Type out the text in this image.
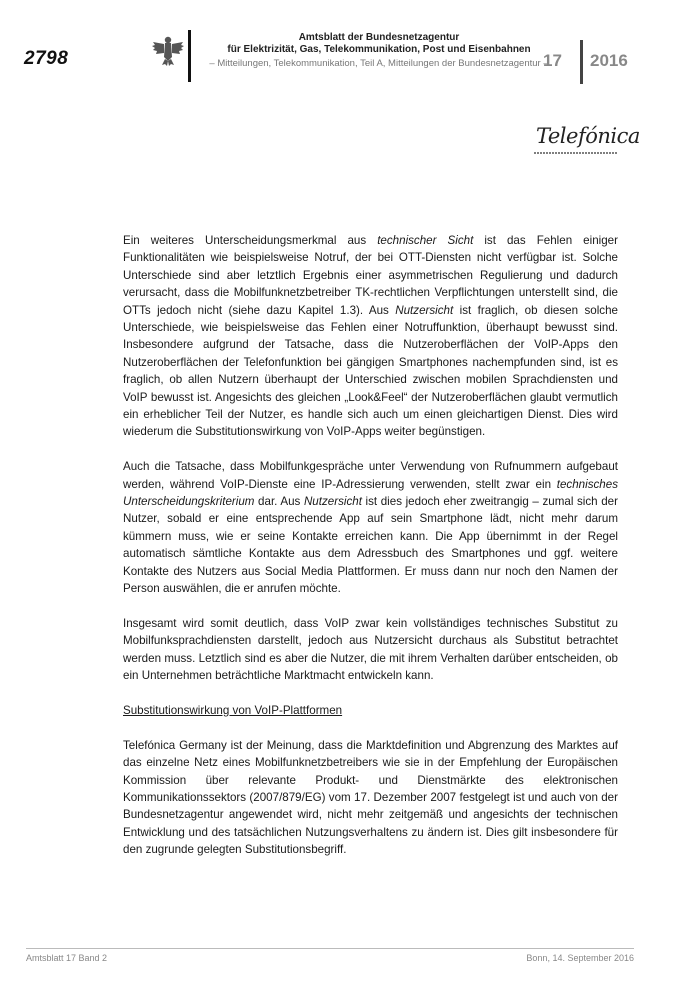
2798
Amtsblatt der Bundesnetzagentur
für Elektrizität, Gas, Telekommunikation, Post und Eisenbahnen
– Mitteilungen, Telekommunikation, Teil A, Mitteilungen der Bundesnetzagentur –
17 2016
Telefónica

Ein weiteres Unterscheidungsmerkmal aus technischer Sicht ist das Fehlen einiger Funktionalitäten wie beispielsweise Notruf, der bei OTT-Diensten nicht verfügbar ist. Solche Unterschiede sind aber letztlich Ergebnis einer asymmetrischen Regulierung und dadurch verursacht, dass die Mobilfunknetzbetreiber TK-rechtlichen Verpflichtungen unterstellt sind, die OTTs jedoch nicht (siehe dazu Kapitel 1.3). Aus Nutzersicht ist fraglich, ob diesen solche Unterschiede, wie beispielsweise das Fehlen einer Notruffunktion, überhaupt bewusst sind. Insbesondere aufgrund der Tatsache, dass die Nutzeroberflächen der VoIP-Apps den Nutzeroberflächen der Telefonfunktion bei gängigen Smartphones nachempfunden sind, ist es fraglich, ob allen Nutzern überhaupt der Unterschied zwischen mobilen Sprachdiensten und VoIP bewusst ist. Angesichts des gleichen „Look&Feel“ der Nutzeroberflächen glaubt vermutlich ein erheblicher Teil der Nutzer, es handle sich auch um einen gleichartigen Dienst. Dies wird wiederum die Substitutionswirkung von VoIP-Apps weiter begünstigen.

Auch die Tatsache, dass Mobilfunkgespräche unter Verwendung von Rufnummern aufgebaut werden, während VoIP-Dienste eine IP-Adressierung verwenden, stellt zwar ein technisches Unterscheidungskriterium dar. Aus Nutzersicht ist dies jedoch eher zweitrangig – zumal sich der Nutzer, sobald er eine entsprechende App auf sein Smartphone lädt, nicht mehr darum kümmern muss, wie er seine Kontakte erreichen kann. Die App übernimmt in der Regel automatisch sämtliche Kontakte aus dem Adressbuch des Smartphones und ggf. weitere Kontakte des Nutzers aus Social Media Plattformen. Er muss dann nur noch den Namen der Person auswählen, die er anrufen möchte.

Insgesamt wird somit deutlich, dass VoIP zwar kein vollständiges technisches Substitut zu Mobilfunksprachdiensten darstellt, jedoch aus Nutzersicht durchaus als Substitut betrachtet werden muss. Letztlich sind es aber die Nutzer, die mit ihrem Verhalten darüber entscheiden, ob ein Unternehmen beträchtliche Marktmacht entwickeln kann.

Substitutionswirkung von VoIP-Plattformen

Telefónica Germany ist der Meinung, dass die Marktdefinition und Abgrenzung des Marktes auf das einzelne Netz eines Mobilfunknetzbetreibers wie sie in der Empfehlung der Europäischen Kommission über relevante Produkt- und Dienstmärkte des elektronischen Kommunikationssektors (2007/879/EG) vom 17. Dezember 2007 festgelegt ist und auch von der Bundesnetzagentur angewendet wird, nicht mehr zeitgemäß und angesichts der technischen Entwicklung und des tatsächlichen Nutzungsverhaltens zu ändern ist. Dies gilt insbesondere für den zugrunde gelegten Substitutionsbegriff.

Amtsblatt 17 Band 2	Bonn, 14. September 2016
